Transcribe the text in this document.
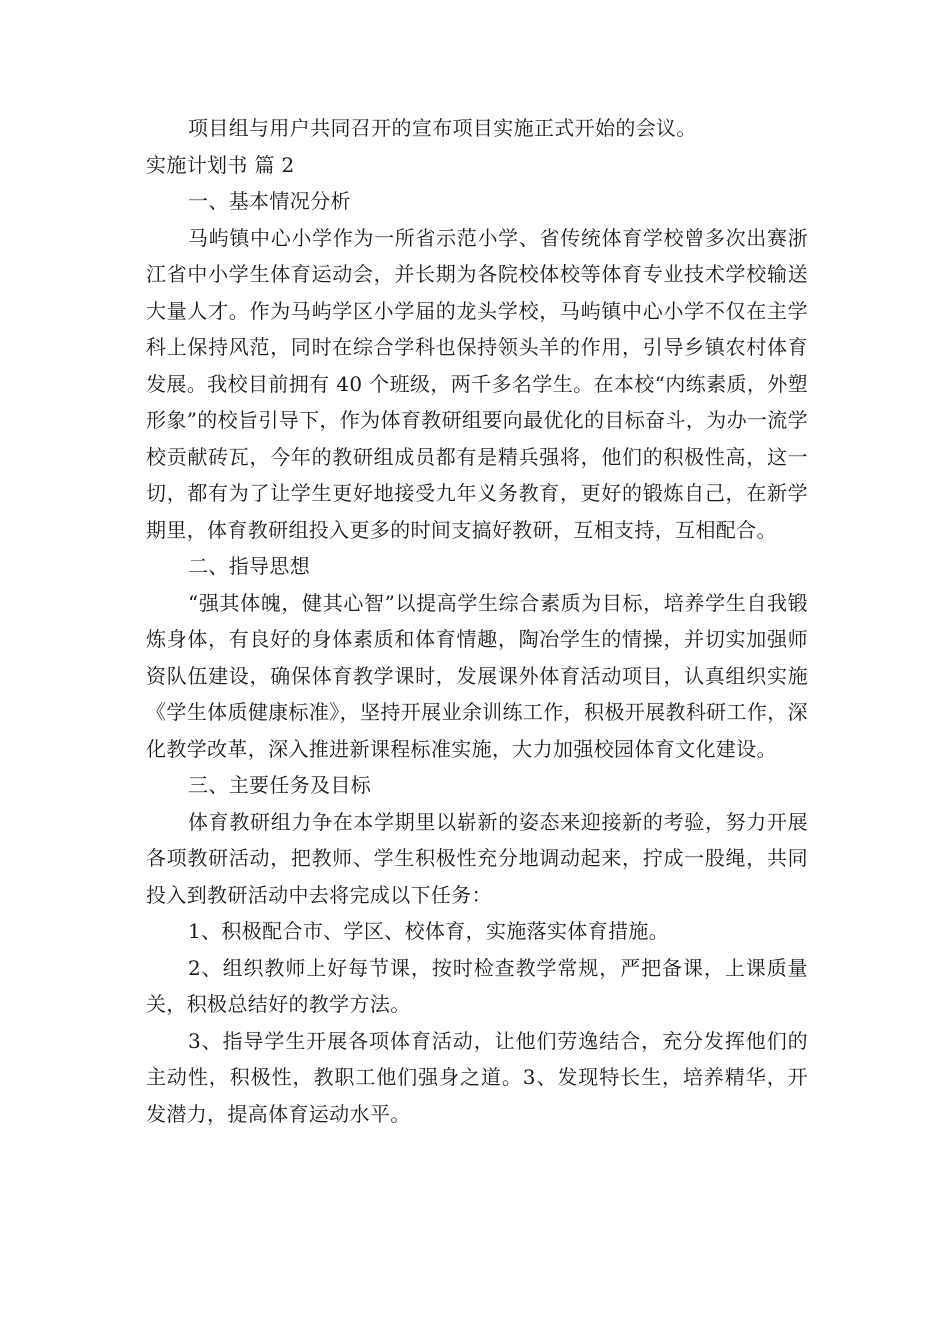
项目组与用户共同召开的宣布项目实施正式开始的会议。

实施计划书 篇 2

一、基本情况分析

马屿镇中心小学作为一所省示范小学、省传统体育学校曾多次出赛浙江省中小学生体育运动会，并长期为各院校体校等体育专业技术学校输送大量人才。作为马屿学区小学届的龙头学校，马屿镇中心小学不仅在主学科上保持风范，同时在综合学科也保持领头羊的作用，引导乡镇农村体育发展。我校目前拥有 40 个班级，两千多名学生。在本校“内练素质，外塑形象”的校旨引导下，作为体育教研组要向最优化的目标奋斗，为办一流学校贡献砖瓦，今年的教研组成员都有是精兵强将，他们的积极性高，这一切，都有为了让学生更好地接受九年义务教育，更好的锻炼自己，在新学期里，体育教研组投入更多的时间支搞好教研，互相支持，互相配合。

二、指导思想

“强其体魄，健其心智”以提高学生综合素质为目标，培养学生自我锻炼身体，有良好的身体素质和体育情趣，陶冶学生的情操，并切实加强师资队伍建设，确保体育教学课时，发展课外体育活动项目，认真组织实施《学生体质健康标准》，坚持开展业余训练工作，积极开展教科研工作，深化教学改革，深入推进新课程标准实施，大力加强校园体育文化建设。

三、主要任务及目标

体育教研组力争在本学期里以崭新的姿态来迎接新的考验，努力开展各项教研活动，把教师、学生积极性充分地调动起来，拧成一股绳，共同投入到教研活动中去将完成以下任务：

1、积极配合市、学区、校体育，实施落实体育措施。

2、组织教师上好每节课，按时检查教学常规，严把备课，上课质量关，积极总结好的教学方法。

3、指导学生开展各项体育活动，让他们劳逸结合，充分发挥他们的主动性，积极性，教职工他们强身之道。3、发现特长生，培养精华，开发潜力，提高体育运动水平。
